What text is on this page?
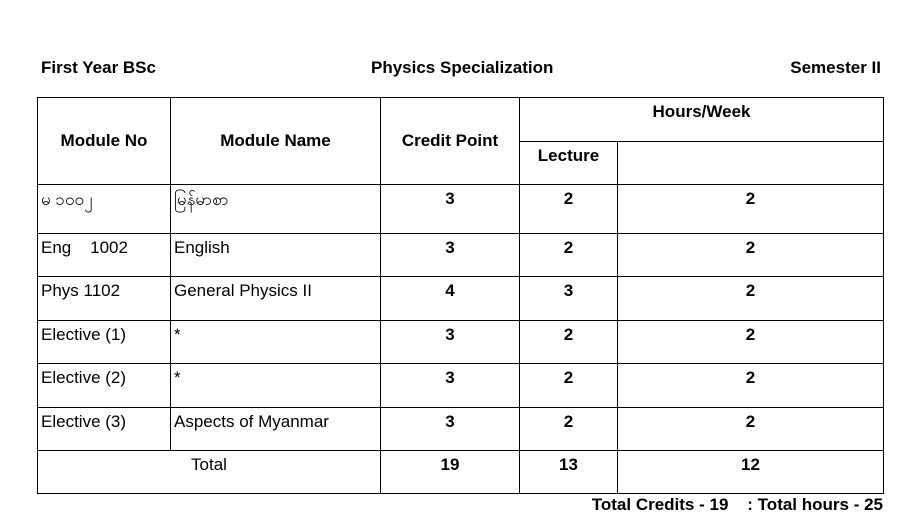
First Year BSc	Physics Specialization	Semester II
Module No	Module Name	Credit Point	Hours/Week	
			Lecture	
မ ၁၀၀၂	မြန်မာစာ	3	2	2
Eng    1002	English	3	2	2
Phys 1102	General Physics II	4	3	2
Elective (1)	*	3	2	2
Elective (2)	*	3	2	2
Elective (3)	Aspects of Myanmar	3	2	2
Total		19	13	12
Total Credits - 19    : Total hours - 25
